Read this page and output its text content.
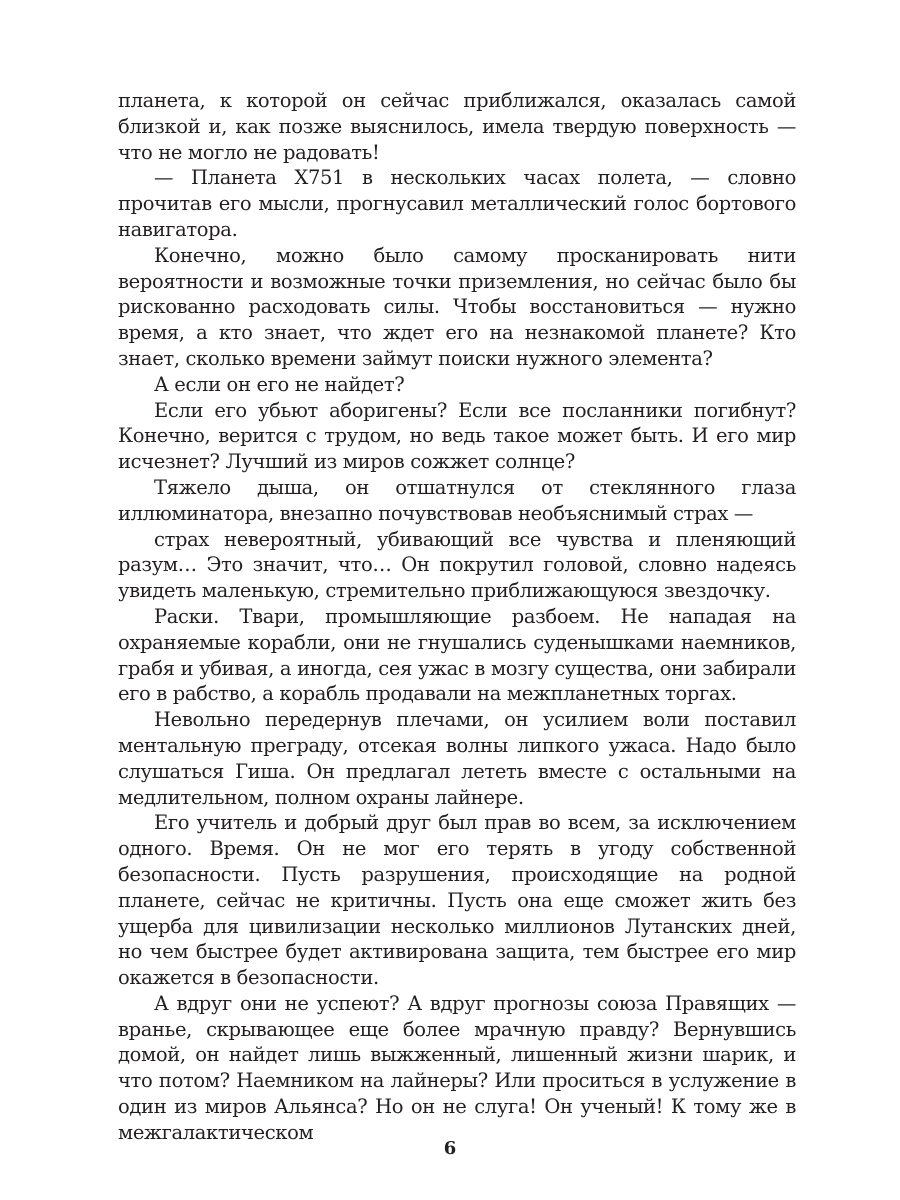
планета, к которой он сейчас приближался, оказалась самой близкой и, как позже выяснилось, имела твердую поверхность — что не могло не радовать!

— Планета X751 в нескольких часах полета, — словно прочитав его мысли, прогнусавил металлический голос бортового навигатора.

Конечно, можно было самому просканировать нити вероятности и возможные точки приземления, но сейчас было бы рискованно расходовать силы. Чтобы восстановиться — нужно время, а кто знает, что ждет его на незнакомой планете? Кто знает, сколько времени займут поиски нужного элемента?

А если он его не найдет?

Если его убьют аборигены? Если все посланники погибнут? Конечно, верится с трудом, но ведь такое может быть. И его мир исчезнет? Лучший из миров сожжет солнце?

Тяжело дыша, он отшатнулся от стеклянного глаза иллюминатора, внезапно почувствовав необъяснимый страх —

страх невероятный, убивающий все чувства и пленяющий разум… Это значит, что… Он покрутил головой, словно надеясь увидеть маленькую, стремительно приближающуюся звездочку.

Раски. Твари, промышляющие разбоем. Не нападая на охраняемые корабли, они не гнушались суденышками наемников, грабя и убивая, а иногда, сея ужас в мозгу существа, они забирали его в рабство, а корабль продавали на межпланетных торгах.

Невольно передернув плечами, он усилием воли поставил ментальную преграду, отсекая волны липкого ужаса. Надо было слушаться Гиша. Он предлагал лететь вместе с остальными на медлительном, полном охраны лайнере.

Его учитель и добрый друг был прав во всем, за исключением одного. Время. Он не мог его терять в угоду собственной безопасности. Пусть разрушения, происходящие на родной планете, сейчас не критичны. Пусть она еще сможет жить без ущерба для цивилизации несколько миллионов Лутанских дней, но чем быстрее будет активирована защита, тем быстрее его мир окажется в безопасности.

А вдруг они не успеют? А вдруг прогнозы союза Правящих — вранье, скрывающее еще более мрачную правду? Вернувшись домой, он найдет лишь выжженный, лишенный жизни шарик, и что потом? Наемником на лайнеры? Или проситься в услужение в один из миров Альянса? Но он не слуга! Он ученый! К тому же в межгалактическом

6
